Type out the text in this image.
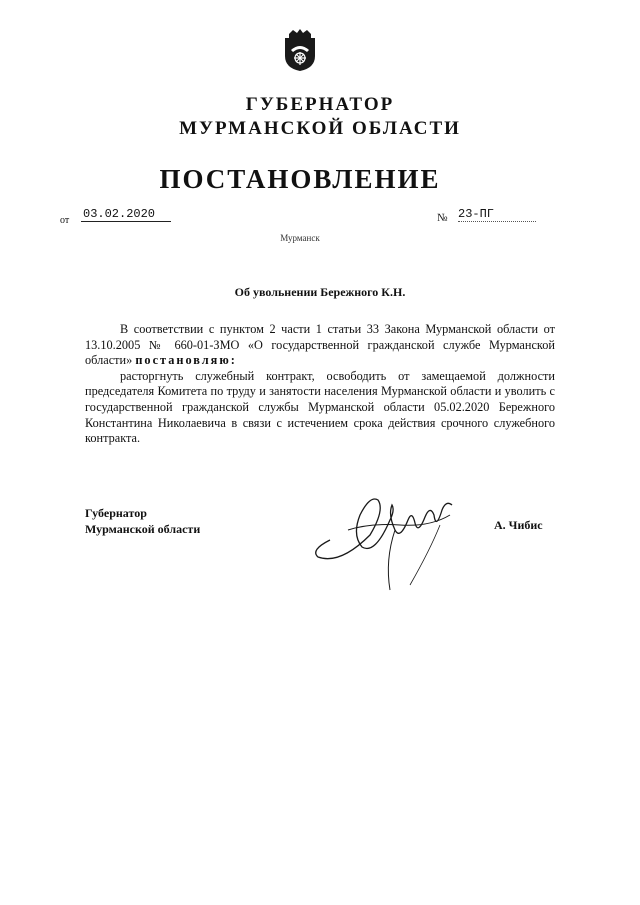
ГУБЕРНАТОР
МУРМАНСКОЙ ОБЛАСТИ
ПОСТАНОВЛЕНИЕ
от 03.02.2020	№ 23-ПГ
Мурманск
Об увольнении Бережного К.Н.

В соответствии с пунктом 2 части 1 статьи 33 Закона Мурманской области от 13.10.2005 № 660-01-ЗМО «О государственной гражданской службе Мурманской области» постановляю:

расторгнуть служебный контракт, освободить от замещаемой должности председателя Комитета по труду и занятости населения Мурманской области и уволить с государственной гражданской службы Мурманской области 05.02.2020 Бережного Константина Николаевича в связи с истечением срока действия срочного служебного контракта.

Губернатор
Мурманской области	А. Чибис
